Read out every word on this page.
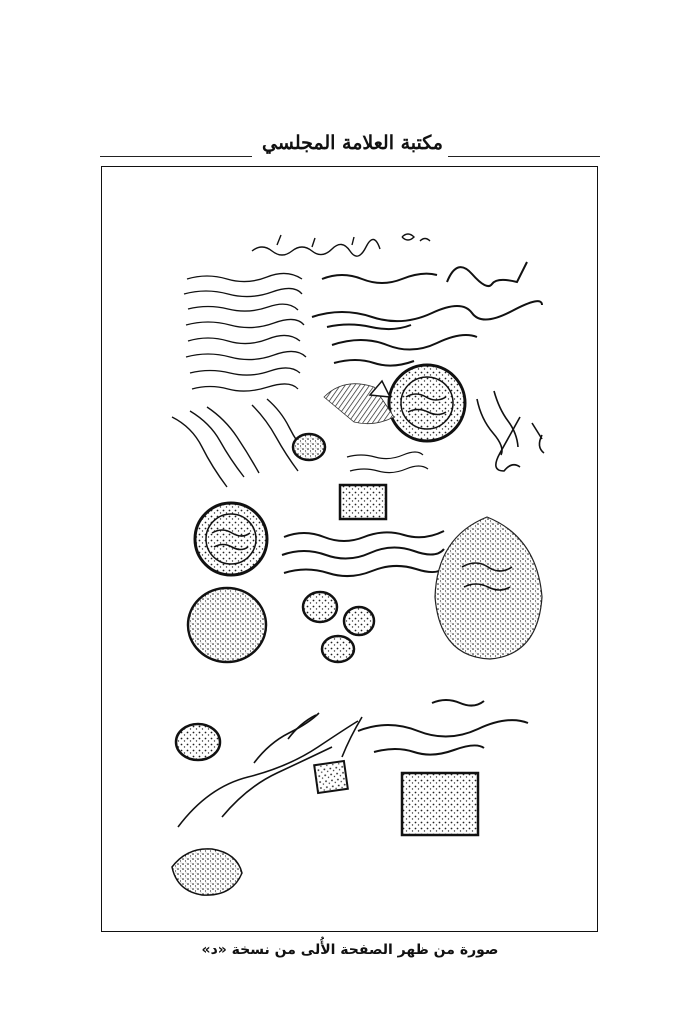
مكتبة العلامة المجلسي
صورة من ظهر الصفحة الأُلى من نسخة «د»
